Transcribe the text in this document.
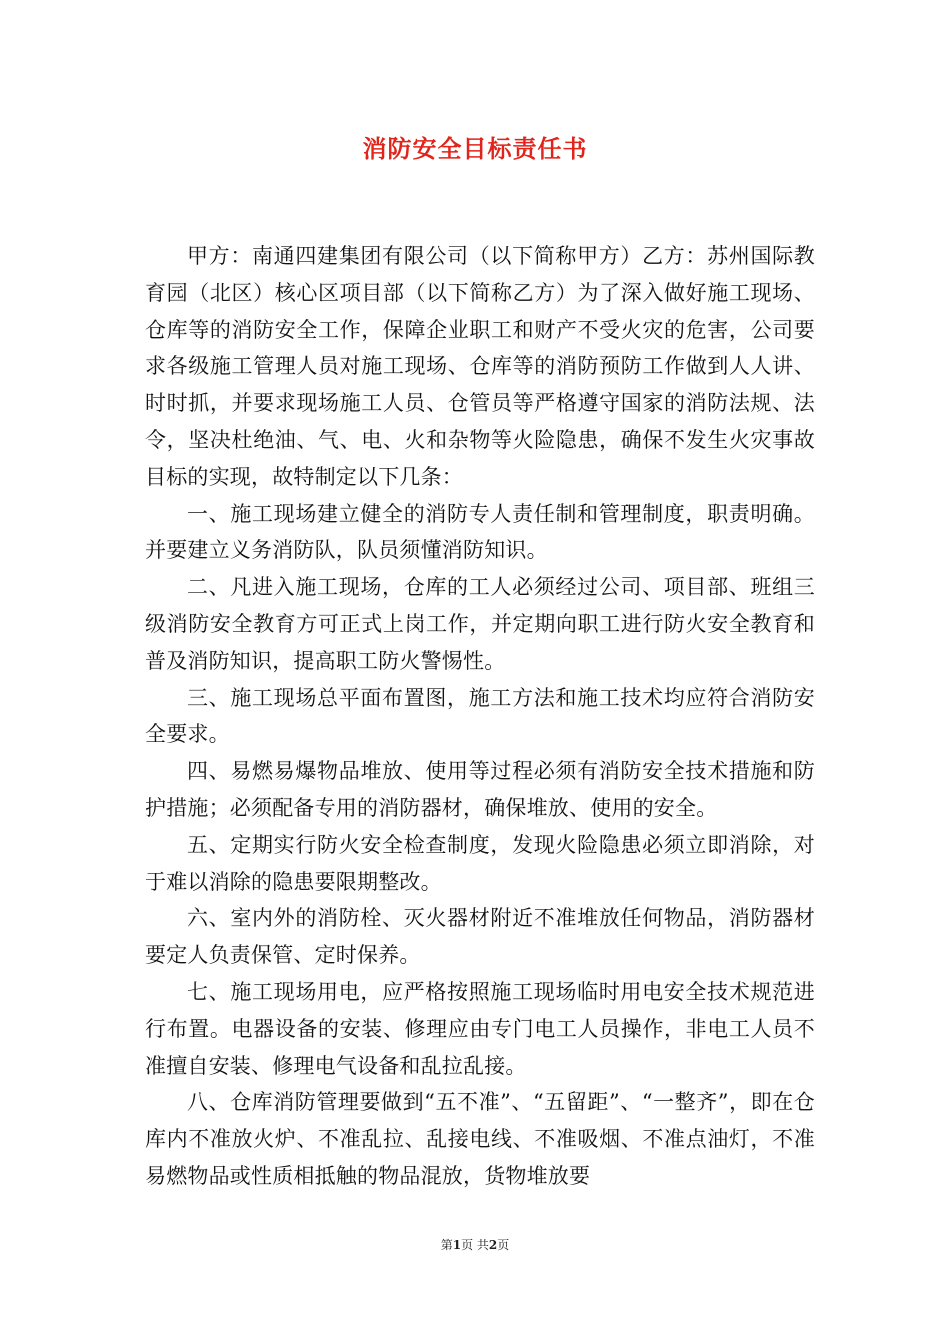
消防安全目标责任书

甲方：南通四建集团有限公司（以下简称甲方）乙方：苏州国际教育园（北区）核心区项目部（以下简称乙方）为了深入做好施工现场、仓库等的消防安全工作，保障企业职工和财产不受火灾的危害，公司要求各级施工管理人员对施工现场、仓库等的消防预防工作做到人人讲、时时抓，并要求现场施工人员、仓管员等严格遵守国家的消防法规、法令，坚决杜绝油、气、电、火和杂物等火险隐患，确保不发生火灾事故目标的实现，故特制定以下几条：

一、施工现场建立健全的消防专人责任制和管理制度，职责明确。并要建立义务消防队，队员须懂消防知识。

二、凡进入施工现场，仓库的工人必须经过公司、项目部、班组三级消防安全教育方可正式上岗工作，并定期向职工进行防火安全教育和普及消防知识，提高职工防火警惕性。

三、施工现场总平面布置图，施工方法和施工技术均应符合消防安全要求。

四、易燃易爆物品堆放、使用等过程必须有消防安全技术措施和防护措施；必须配备专用的消防器材，确保堆放、使用的安全。

五、定期实行防火安全检查制度，发现火险隐患必须立即消除，对于难以消除的隐患要限期整改。

六、室内外的消防栓、灭火器材附近不准堆放任何物品，消防器材要定人负责保管、定时保养。

七、施工现场用电，应严格按照施工现场临时用电安全技术规范进行布置。电器设备的安装、修理应由专门电工人员操作，非电工人员不准擅自安装、修理电气设备和乱拉乱接。

八、仓库消防管理要做到“五不准”、“五留距”、“一整齐”，即在仓库内不准放火炉、不准乱拉、乱接电线、不准吸烟、不准点油灯，不准易燃物品或性质相抵触的物品混放，货物堆放要

第1页 共2页
